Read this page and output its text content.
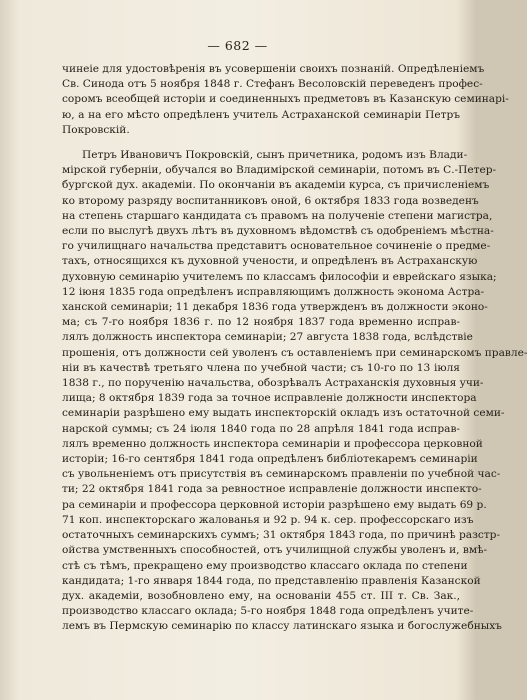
— 682 —
чинеіе для удостовѣренія въ усовершеніи своихъ познаній. Опредѣленіемъ
Св. Синода отъ 5 ноября 1848 г. Стефанъ Весоловскій переведенъ профес-
соромъ всеобщей исторіи и соединенныхъ предметовъ въ Казанскую семинарі-
ю, а на его мѣсто опредѣленъ учитель Астраханской семинаріи Петръ
Покровскій.
Петръ Ивановичъ Покровскій, сынъ причетника, родомъ изъ Влади-
мірской губерніи, обучался во Владимірской семинаріи, потомъ въ С.-Петер-
бургской дух. академіи. По окончаніи въ академіи курса, съ причисленіемъ
ко второму разряду воспитанниковъ оной, 6 октября 1833 года возведенъ
на степень старшаго кандидата съ правомъ на полученіе степени магистра,
если по выслугѣ двухъ лѣтъ въ духовномъ вѣдомствѣ съ одобреніемъ мѣстна-
го училищнаго начальства представитъ основательное сочиненіе о предме-
тахъ, относящихся къ духовной учености, и опредѣленъ въ Астраханскую
духовную семинарію учителемъ по классамъ философіи и еврейскаго языка;
12 іюня 1835 года опредѣленъ исправляющимъ должность эконома Астра-
ханской семинаріи; 11 декабря 1836 года утвержденъ въ должности эконо-
ма; съ 7-го ноября 1836 г. по 12 ноября 1837 года временно исправ-
лялъ должность инспектора семинаріи; 27 августа 1838 года, вслѣдствіе
прошенія, отъ должности сей уволенъ съ оставленіемъ при семинарскомъ правле-
ніи въ качествѣ третьяго члена по учебной части; съ 10-го по 13 іюля
1838 г., по порученію начальства, обозрѣвалъ Астраханскія духовныя учи-
лища; 8 октября 1839 года за точное исправленіе должности инспектора
семинаріи разрѣшено ему выдать инспекторскій окладъ изъ остаточной семи-
нарской суммы; съ 24 іюля 1840 года по 28 апрѣля 1841 года исправ-
лялъ временно должность инспектора семинаріи и профессора церковной
исторіи; 16-го сентября 1841 года опредѣленъ библіотекаремъ семинаріи
съ увольненіемъ отъ присутствія въ семинарскомъ правленіи по учебной час-
ти; 22 октября 1841 года за ревностное исправленіе должности инспекто-
ра семинаріи и профессора церковной исторіи разрѣшено ему выдать 69 р.
71 коп. инспекторскаго жалованья и 92 р. 94 к. сер. профессорскаго изъ
остаточныхъ семинарскихъ суммъ; 31 октября 1843 года, по причинѣ разстр-
ойства умственныхъ способностей, отъ училищной службы уволенъ и, вмѣ-
стѣ съ тѣмъ, прекращено ему производство классаго оклада по степени
кандидата; 1-го января 1844 года, по представленію правленія Казанской
дух. академіи, возобновлено ему, на основаніи 455 ст. III т. Св. Зак.,
производство классаго оклада; 5-го ноября 1848 года опредѣленъ учите-
лемъ въ Пермскую семинарію по классу латинскаго языка и богослужебныхъ
